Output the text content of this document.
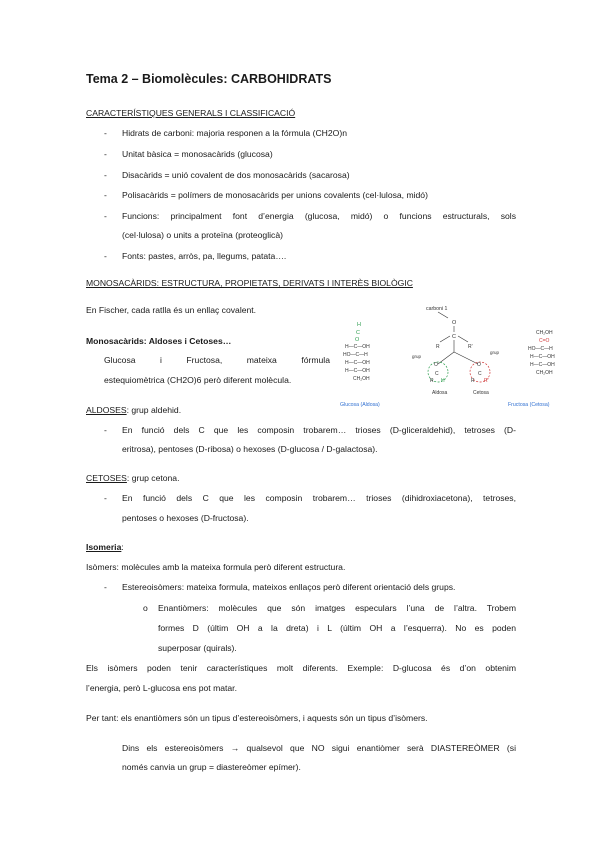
Tema 2 – Biomolècules: CARBOHIDRATS
CARACTERÍSTIQUES GENERALS I CLASSIFICACIÓ
- Hidrats de carboni: majoria responen a la fórmula (CH2O)n
- Unitat bàsica = monosacàrids (glucosa)
- Disacàrids = unió covalent de dos monosacàrids (sacarosa)
- Polisacàrids = polímers de monosacàrids per unions covalents (cel·lulosa, midó)
- Funcions: principalment font d’energia (glucosa, midó) o funcions estructurals, sols
(cel·lulosa) o units a proteïna (proteoglicà)
- Fonts: pastes, arròs, pa, llegums, patata….
MONOSACÀRIDS: ESTRUCTURA, PROPIETATS, DERIVATS I INTERÈS BIOLÒGIC
En Fischer, cada ratlla és un enllaç covalent.
Monosacàrids: Aldoses i Cetoses…
Glucosa i Fructosa, mateixa fórmula
estequiomètrica (CH2O)6 però diferent molècula.
H
C
O
H—C—OH
HO—C—H
H—C—OH
H—C—OH
CH₂OH
Glucosa (Aldosa)
carboni 1
O
C
R	R'
O
C
R H
grup
Aldosa
O
C
R R'
grup
Cetosa
CH₂OH
C=O
HO—C—H
H—C—OH
H—C—OH
CH₂OH
Fructosa (Cetosa)
ALDOSES: grup aldehid.
- En funció dels C que les composin trobarem… trioses (D-gliceraldehid), tetroses (D-
eritrosa), pentoses (D-ribosa) o hexoses (D-glucosa / D-galactosa).
CETOSES: grup cetona.
- En funció dels C que les composin trobarem… trioses (dihidroxiacetona), tetroses,
pentoses o hexoses (D-fructosa).
Isomeria:
Isòmers: molècules amb la mateixa formula però diferent estructura.
- Estereoisòmers: mateixa formula, mateixos enllaços però diferent orientació dels grups.
o Enantiòmers: molècules que són imatges especulars l’una de l’altra. Trobem
formes D (últim OH a la dreta) i L (últim OH a l’esquerra). No es poden
superposar (quirals).
Els isòmers poden tenir característiques molt diferents. Exemple: D-glucosa és d’on obtenim
l’energia, però L-glucosa ens pot matar.
Per tant: els enantiòmers són un tipus d’estereoisòmers, i aquests són un tipus d’isòmers.
Dins els estereoisòmers → qualsevol que NO sigui enantiòmer serà DIASTEREÒMER (si
només canvia un grup = diastereòmer epímer).
